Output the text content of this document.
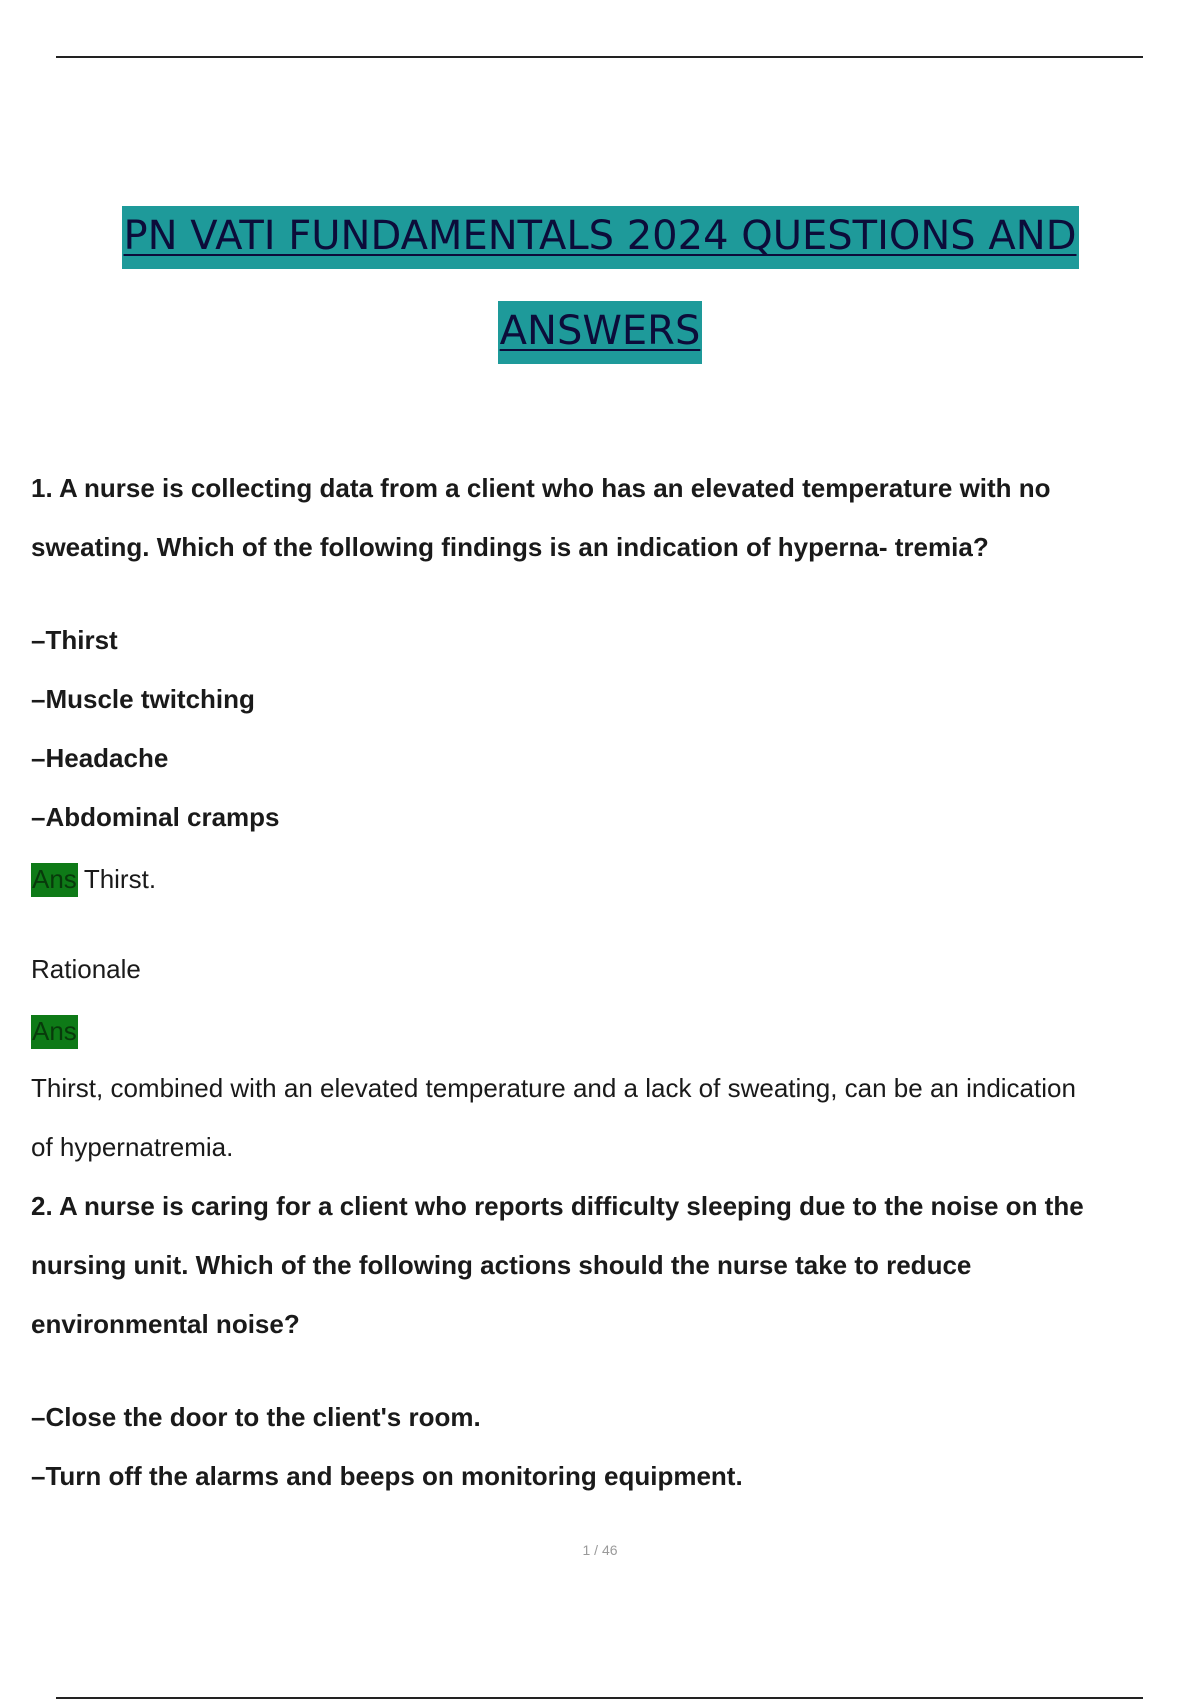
PN VATI FUNDAMENTALS 2024 QUESTIONS AND
ANSWERS
1. A nurse is collecting data from a client who has an elevated temperature with no
sweating. Which of the following findings is an indication of hyperna- tremia?
–Thirst
–Muscle twitching
–Headache
–Abdominal cramps
Ans Thirst.
Rationale
Ans
Thirst, combined with an elevated temperature and a lack of sweating, can be an indication
of hypernatremia.
2. A nurse is caring for a client who reports difficulty sleeping due to the noise on the
nursing unit. Which of the following actions should the nurse take to reduce
environmental noise?
–Close the door to the client's room.
–Turn off the alarms and beeps on monitoring equipment.
1 / 46
